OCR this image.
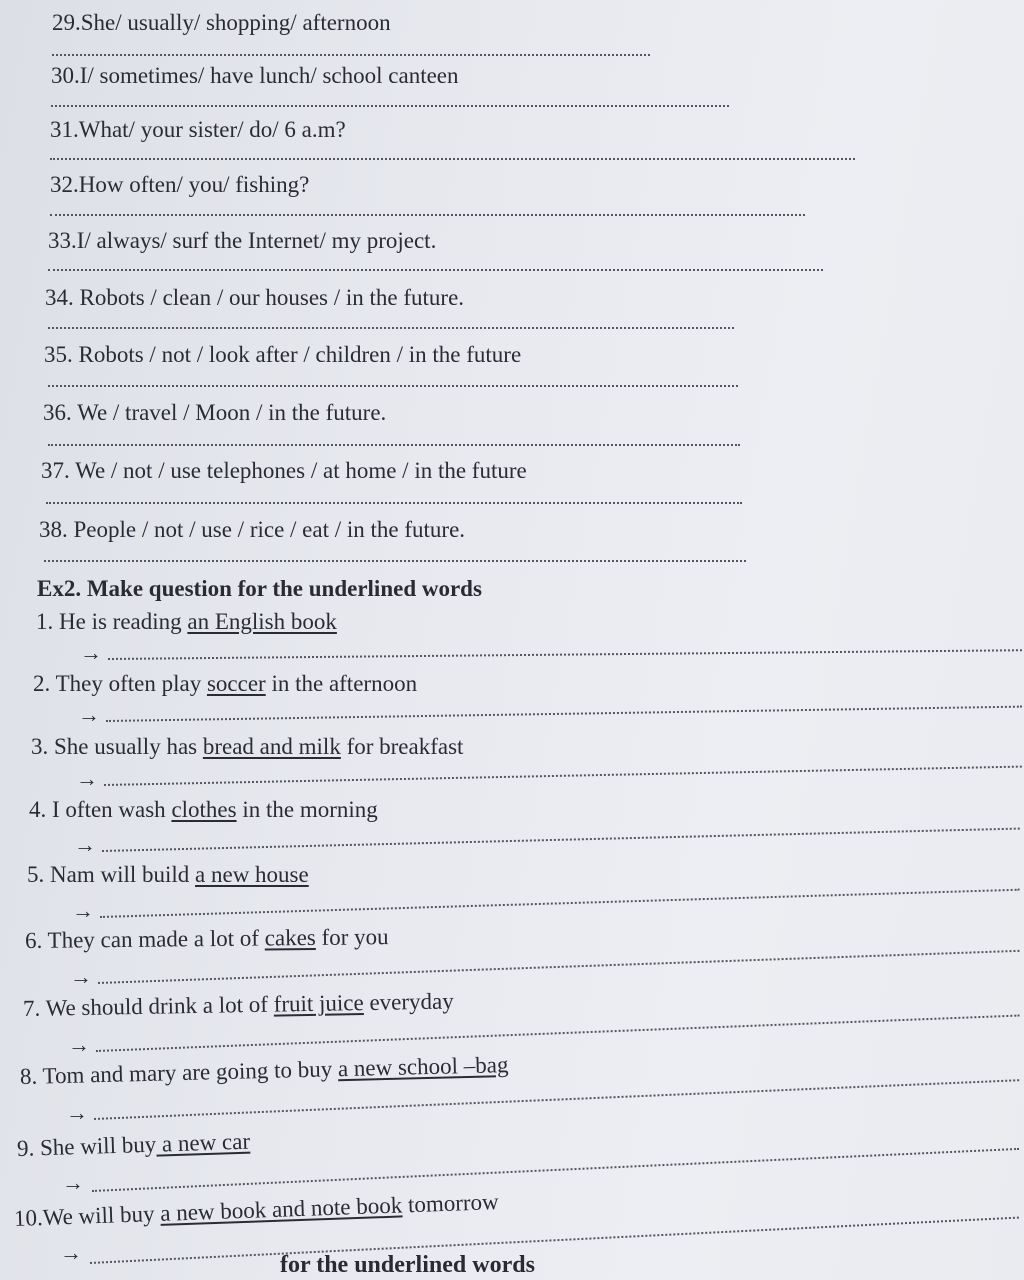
29.She/ usually/ shopping/ afternoon
30.I/ sometimes/ have lunch/ school canteen
31.What/ your sister/ do/ 6 a.m?
32.How often/ you/ fishing?
33.I/ always/ surf the Internet/ my project.
34. Robots / clean / our houses / in the future.
35. Robots / not / look after / children / in the future
36. We / travel / Moon / in the future.
37. We / not / use telephones / at home / in the future
38. People / not / use / rice / eat / in the future.
Ex2. Make question for the underlined words
1. He is reading an English book
→
2. They often play soccer in the afternoon
→
3. She usually has bread and milk for breakfast
→
4. I often wash clothes in the morning
→
5. Nam will build a new house
→
6. They can made a lot of cakes for you
→
7. We should drink a lot of fruit juice everyday
→
8. Tom and mary are going to buy a new school –bag
→
9. She will buy a new car
→
10.We will buy a new book and note book tomorrow
→	for the underlined words
